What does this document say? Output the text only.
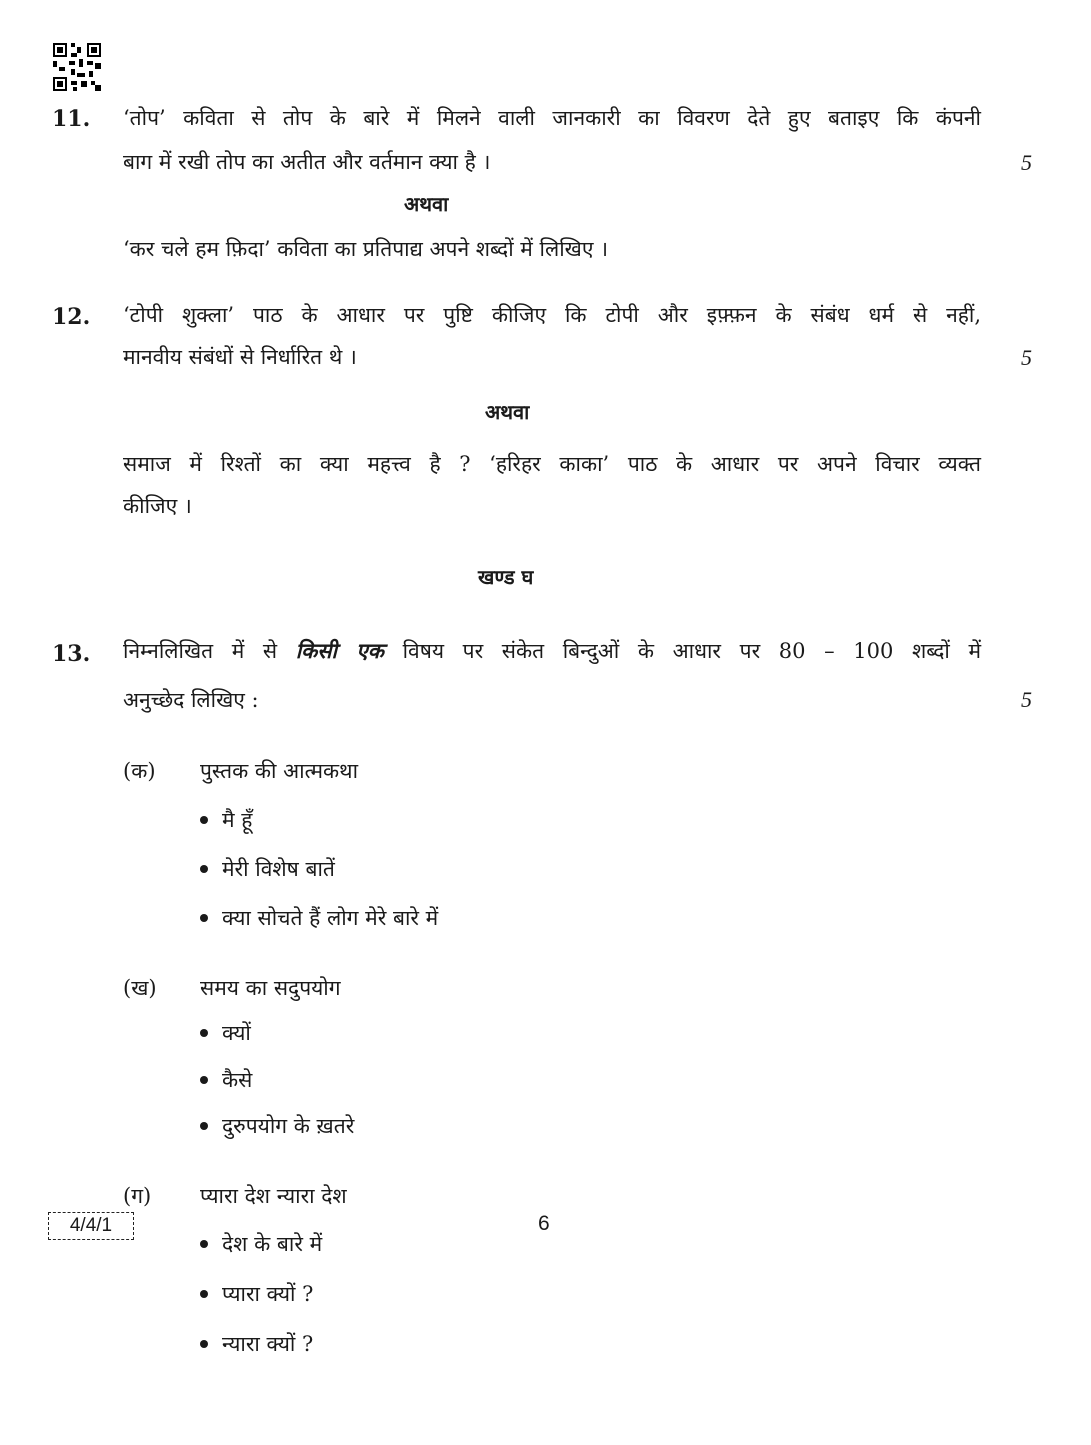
11. ‘तोप’ कविता से तोप के बारे में मिलने वाली जानकारी का विवरण देते हुए बताइए कि कंपनी
बाग में रखी तोप का अतीत और वर्तमान क्या है ।	5
अथवा
‘कर चले हम फ़िदा’ कविता का प्रतिपाद्य अपने शब्दों में लिखिए ।
12. ‘टोपी शुक्ला’ पाठ के आधार पर पुष्टि कीजिए कि टोपी और इफ़्फ़न के संबंध धर्म से नहीं,
मानवीय संबंधों से निर्धारित थे ।	5
अथवा
समाज में रिश्तों का क्या महत्त्व है ? ‘हरिहर काका’ पाठ के आधार पर अपने विचार व्यक्त
कीजिए ।
खण्ड घ
13. निम्नलिखित में से किसी एक विषय पर संकेत बिन्दुओं के आधार पर 80 – 100 शब्दों में
अनुच्छेद लिखिए :	5
(क) पुस्तक की आत्मकथा
मै हूँ
मेरी विशेष बातें
क्या सोचते हैं लोग मेरे बारे में
(ख) समय का सदुपयोग
क्यों
कैसे
दुरुपयोग के ख़तरे
(ग) प्यारा देश न्यारा देश
देश के बारे में
प्यारा क्यों ?
न्यारा क्यों ?
4/4/1	6
